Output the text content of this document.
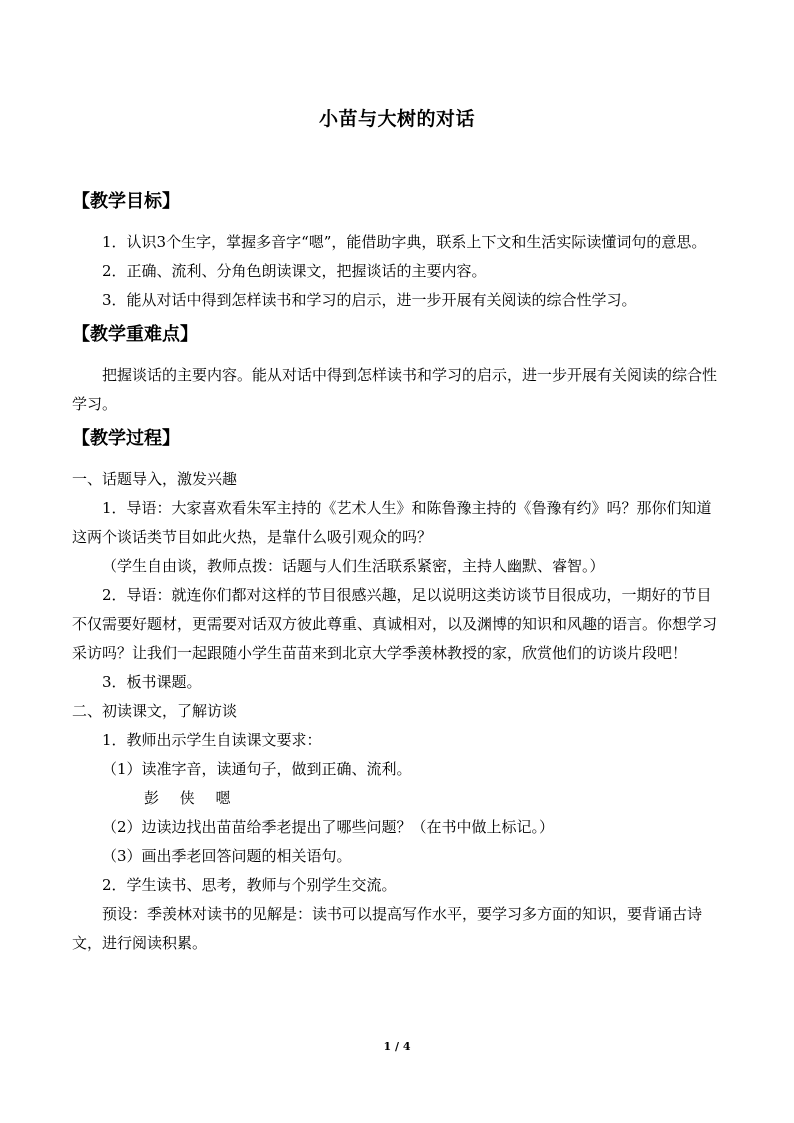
小苗与大树的对话
【教学目标】

1．认识3个生字，掌握多音字“嗯”，能借助字典，联系上下文和生活实际读懂词句的意思。

2．正确、流利、分角色朗读课文，把握谈话的主要内容。

3．能从对话中得到怎样读书和学习的启示，进一步开展有关阅读的综合性学习。

【教学重难点】

把握谈话的主要内容。能从对话中得到怎样读书和学习的启示，进一步开展有关阅读的综合性学习。

【教学过程】

一、话题导入，激发兴趣

1．导语：大家喜欢看朱军主持的《艺术人生》和陈鲁豫主持的《鲁豫有约》吗？那你们知道这两个谈话类节目如此火热，是靠什么吸引观众的吗？

（学生自由谈，教师点拨：话题与人们生活联系紧密，主持人幽默、睿智。）

2．导语：就连你们都对这样的节目很感兴趣，足以说明这类访谈节目很成功，一期好的节目不仅需要好题材，更需要对话双方彼此尊重、真诚相对，以及渊博的知识和风趣的语言。你想学习采访吗？让我们一起跟随小学生苗苗来到北京大学季羡林教授的家，欣赏他们的访谈片段吧！

3．板书课题。

二、初读课文，了解访谈

1．教师出示学生自读课文要求：

（1）读准字音，读通句子，做到正确、流利。

彭 侠 嗯

（2）边读边找出苗苗给季老提出了哪些问题？（在书中做上标记。）

（3）画出季老回答问题的相关语句。

2．学生读书、思考，教师与个别学生交流。

预设：季羡林对读书的见解是：读书可以提高写作水平，要学习多方面的知识，要背诵古诗文，进行阅读积累。

1 / 4
